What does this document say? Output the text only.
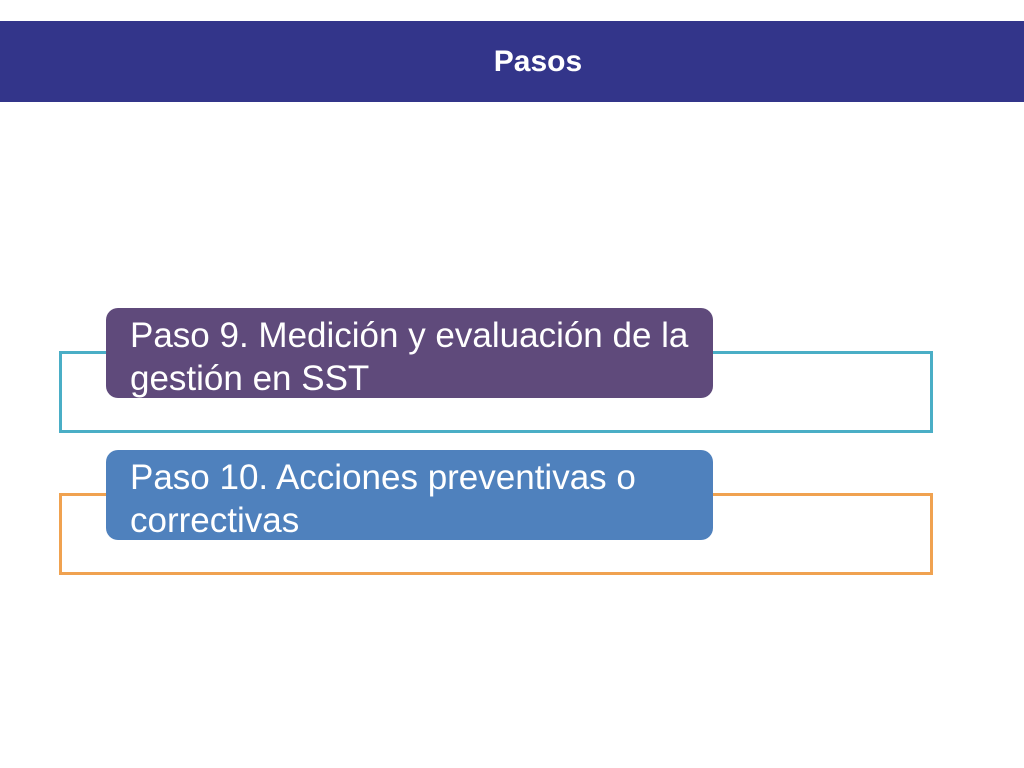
Pasos
Paso 9. Medición y evaluación de la gestión en SST
Paso 10. Acciones preventivas o correctivas
